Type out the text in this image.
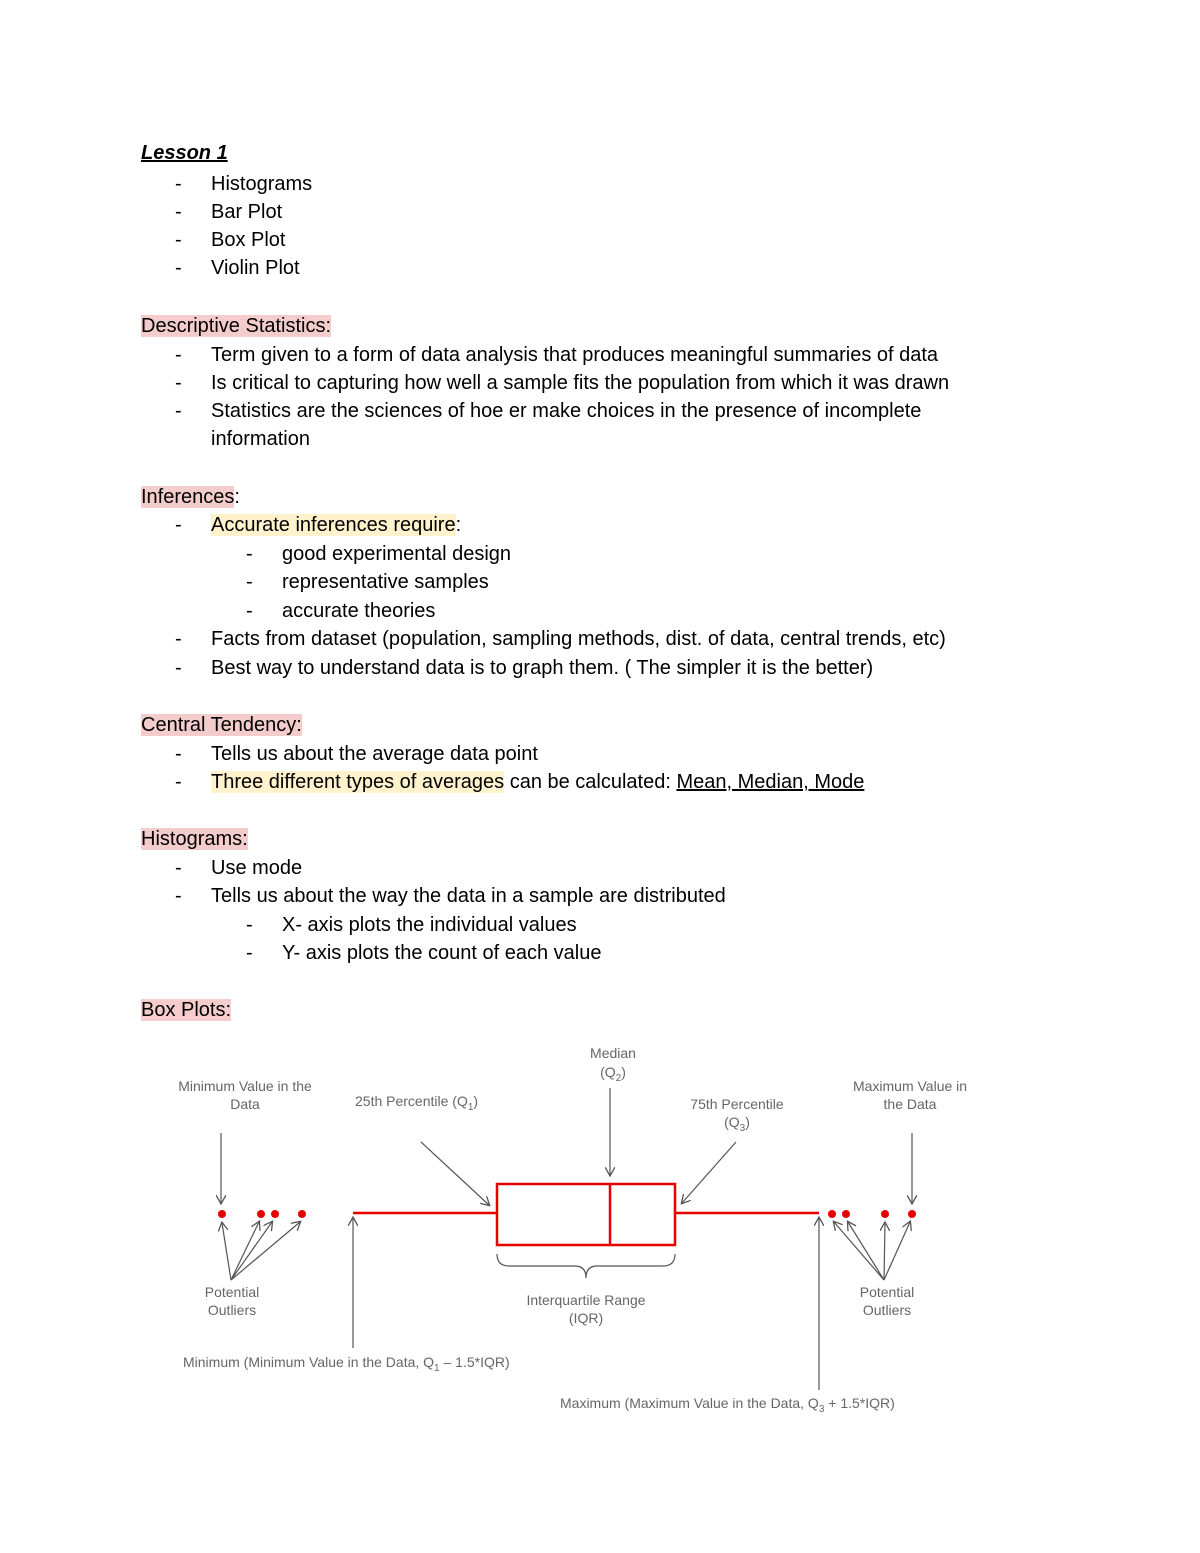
Lesson 1
- Histograms
- Bar Plot
- Box Plot
- Violin Plot
Descriptive Statistics:
- Term given to a form of data analysis that produces meaningful summaries of data
- Is critical to capturing how well a sample fits the population from which it was drawn
- Statistics are the sciences of hoe er make choices in the presence of incomplete
information
Inferences:
- Accurate inferences require:
- good experimental design
- representative samples
- accurate theories
- Facts from dataset (population, sampling methods, dist. of data, central trends, etc)
- Best way to understand data is to graph them. ( The simpler it is the better)
Central Tendency:
- Tells us about the average data point
- Three different types of averages can be calculated: Mean, Median, Mode
Histograms:
- Use mode
- Tells us about the way the data in a sample are distributed
- X- axis plots the individual values
- Y- axis plots the count of each value
Box Plots:
Median
$(Q_2)$
Minimum Value in the
Data
Maximum Value in
the Data
25th Percentile $(Q_1)$	75th Percentile
$(Q_3)$
Potential
Outliers
Potential
Outliers
Interquartile Range
(IQR)
Minimum (Minimum Value in the Data, $Q_1 - 1.5*IQR$)
Maximum (Maximum Value in the Data, $Q_3 + 1.5*IQR$)
